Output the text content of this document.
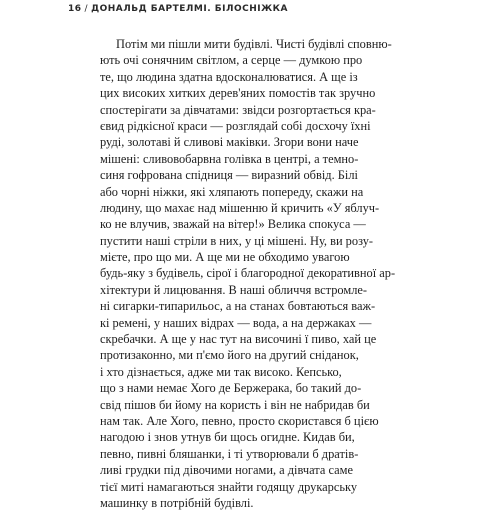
16 / ДОНАЛЬД БАРТЕЛМІ. БІЛОСНІЖКА
Потім ми пішли мити будівлі. Чисті будівлі сповню-
ють очі сонячним світлом, а серце — думкою про
те, що людина здатна вдосконалюватися. А ще із
цих високих хитких дерев'яних помостів так зручно
спостерігати за дівчатами: звідси розгортається кра-
євид рідкісної краси — розглядай собі досхочу їхні
руді, золотаві й сливові маківки. Згори вони наче
мішені: сливовобарвна голівка в центрі, а темно-
синя гофрована спідниця — виразний обвід. Білі
або чорні ніжки, які хляпають попереду, скажи на
людину, що махає над мішенню й кричить «У яблуч-
ко не влучив, зважай на вітер!» Велика спокуса —
пустити наші стріли в них, у ці мішені. Ну, ви розу-
мієте, про що ми. А ще ми не обходимо увагою
будь-яку з будівель, сірої і благородної декоративної ар-
хітектури й лицювання. В наші обличчя встромле-
ні сигарки-типарильос, а на станах бовтаються важ-
кі ремені, у наших відрах — вода, а на держаках —
скребачки. А ще у нас тут на височині ї пиво, хай це
протизаконно, ми п'ємо його на другий сніданок,
і хто дізнається, адже ми так високо. Кепсько,
що з нами немає Хого де Бержерака, бо такий до-
свід пішов би йому на користь і він не набридав би
нам так. Але Хого, певно, просто скористався б цією
нагодою і знов утнув би щось огидне. Кидав би,
певно, пивні бляшанки, і ті утворювали б дратів-
ливі грудки під дівочими ногами, а дівчата саме
тієї миті намагаються знайти годящу друкарську
машинку в потрібній будівлі.
